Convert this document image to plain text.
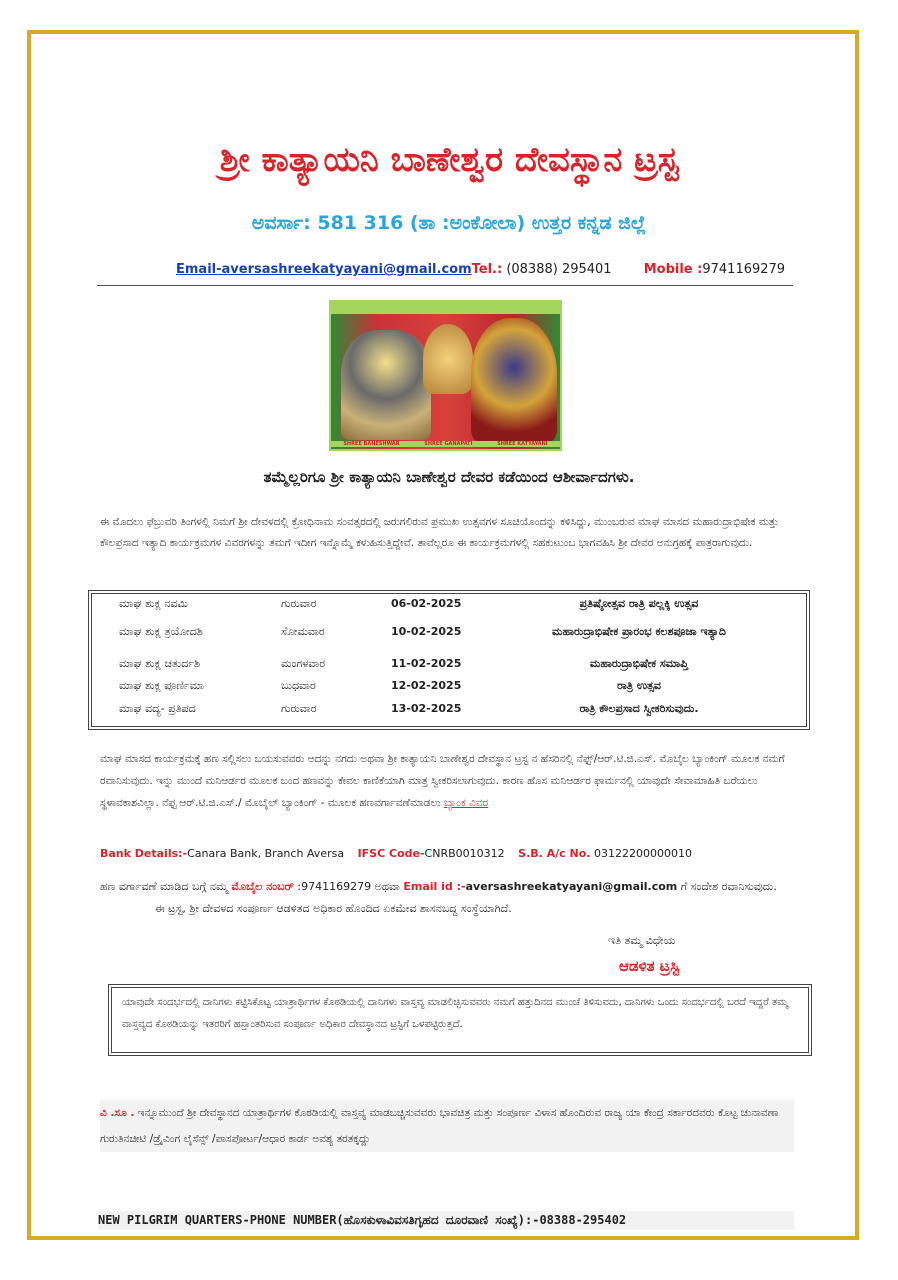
ಶ್ರೀ ಕಾತ್ಯಾಯನಿ ಬಾಣೇಶ್ವರ ದೇವಸ್ಥಾನ ಟ್ರಸ್ಟ
ಅವರ್ಸಾ: 581 316 (ತಾ :ಅಂಕೋಲಾ) ಉತ್ತರ ಕನ್ನಡ ಜಿಲ್ಲೆ
Email-aversashreekatyayani@gmail.comTel.: (08388) 295401 Mobile :9741169279
SHREE BANESHWAR	SHREE GANAPATI	SHREE KATYAYANI
ತಮ್ಮೆಲ್ಲರಿಗೂ ಶ್ರೀ ಕಾತ್ಯಾಯನಿ ಬಾಣೇಶ್ವರ ದೇವರ ಕಡೆಯಿಂದ ಆಶೀರ್ವಾದಗಳು.
ಈ ಮೊದಲು ಫೆಬ್ರುವರಿ ತಿಂಗಳಲ್ಲಿ ನಿಮಗೆ ಶ್ರೀ ದೇವಳದಲ್ಲಿ ಕ್ರೋಧಿನಾಮ ಸಂವತ್ಸರದಲ್ಲಿ ಜರುಗಲಿರುವ ಪ್ರಮುಖ ಉತ್ಸವಗಳ ಸೂಚಿಯೊಂದನ್ನು ಕಳಿಸಿದ್ದು, ಮುಂಬರುವ ಮಾಘ ಮಾಸದ ಮಹಾರುದ್ರಾಭಿಷೇಕ ಮತ್ತು ಕೌಲಪ್ರಸಾದ ಇತ್ಯಾದಿ ಕಾರ್ಯಕ್ರಮಗಳ ವಿವರಗಳನ್ನು ತಮಗೆ ಇದೀಗ ಇನ್ನೊಮ್ಮೆ ಕಳುಹಿಸುತ್ತಿದ್ದೇವೆ. ತಾವೆಲ್ಲರೂ ಈ ಕಾರ್ಯಕ್ರಮಗಳಲ್ಲಿ ಸಹಕುಟುಂಬ ಭಾಗವಹಿಸಿ ಶ್ರೀ ದೇವರ ಅನುಗ್ರಹಕ್ಕೆ ಪಾತ್ರರಾಗುವುದು.
ಮಾಘ ಶುಕ್ಲ ನವಮಿ	ಗುರುವಾರ	06-02-2025	ಪ್ರತಿಷ್ಠೋತ್ಸವ ರಾತ್ರಿ ಪಲ್ಲಕ್ಕಿ ಉತ್ಸವ
ಮಾಘ ಶುಕ್ಲ ತ್ರಯೋದಶಿ	ಸೋಮವಾರ	10-02-2025	ಮಹಾರುದ್ರಾಭಿಷೇಕ ಪ್ರಾರಂಭ ಕಲಶಪೂಜಾ ಇತ್ಯಾದಿ
ಮಾಘ ಶುಕ್ಲ ಚತುರ್ದಶಿ	ಮಂಗಳವಾರ	11-02-2025	ಮಹಾರುದ್ರಾಭಿಷೇಕ ಸಮಾಪ್ತಿ
ಮಾಘ ಶುಕ್ಲ ಪೂರ್ಣಿಮಾ	ಬುಧವಾರ	12-02-2025	ರಾತ್ರಿ ಉತ್ಸವ
ಮಾಘ ವದ್ಯ- ಪ್ರತಿಪದ	ಗುರುವಾರ	13-02-2025	ರಾತ್ರಿ ಕೌಲಪ್ರಸಾದ ಸ್ವೀಕರಿಸುವುದು.
ಮಾಘ ಮಾಸದ ಕಾರ್ಯಕ್ರಮಕ್ಕೆ ಹಣ ಸಲ್ಲಿಸಲು ಬಯಸುವವರು ಅದನ್ನು ನಗದು ಅಥವಾ ಶ್ರೀ ಕಾತ್ಯಾಯನಿ ಬಾಣೇಶ್ವರ ದೇವಸ್ಥಾನ ಟ್ರಸ್ಟ ನ ಹೆಸರಿನಲ್ಲಿ ನೆಫ್ಟ್/ಆರ್.ಟಿ.ಜಿ.ಎಸ್. ಮೊಬೈಲ ಬ್ಯಾಂಕಿಂಗ್ ಮೂಲಕ ನಮಗೆ ರವಾನಿಸುವುದು. ಇನ್ನು ಮುಂದೆ ಮನಿಆರ್ಡರ ಮೂಲಕ ಬಂದ ಹಣವನ್ನು ಕೇವಲ ಕಾಣಿಕೆಯಾಗಿ ಮಾತ್ರ ಸ್ವೀಕರಿಸಲಾಗುವುದು. ಕಾರಣ ಹೊಸ ಮನಿಆರ್ಡರ ಫಾರ್ಮನಲ್ಲಿ ಯಾವುದೇ ಸೇವಾಮಾಹಿತಿ ಬರೆಯಲು ಸ್ಥಳಾವಕಾಶವಿಲ್ಲಾ. ನೆಫ್ಟ ಆರ್.ಟಿ.ಜಿ.ಎಸ್./ ಮೊಬೈಲ್ ಬ್ಯಾಂಕಿಂಗ್ - ಮೂಲಕ ಹಣವರ್ಗಾವಣೆಮಾಡಲು ಬ್ಯಾಂಕ ವಿವರ
Bank Details:-Canara Bank, Branch Aversa IFSC Code-CNRB0010312 S.B. A/c No. 03122200000010
ಹಣ ವರ್ಗಾವಣೆ ಮಾಡಿದ ಬಗ್ಗೆ ನಮ್ಮ ಮೊಬೈಲ ನಂಬರ್ :9741169279 ಅಥವಾ Email id :-aversashreekatyayani@gmail.com ಗೆ ಸಂದೇಶ ರವಾನಿಸುವುದು.
ಈ ಟ್ರಸ್ಟ, ಶ್ರೀ ದೇವಳದ ಸಂಪೂರ್ಣ ಆಡಳಿತದ ಅಧಿಕಾರ ಹೊಂದಿದ ಏಕಮೇವ ಶಾಸನಬದ್ದ ಸಂಸ್ಥೆಯಾಗಿದೆ.
ಇತಿ ತಮ್ಮ ವಿಧೇಯ
ಆಡಳಿತ ಟ್ರಸ್ಟಿ
ಯಾವುದೇ ಸಂದರ್ಭದಲ್ಲಿ ದಾನಿಗಳು ಕಟ್ಟಿಸಿಕೊಟ್ಟ ಯಾತ್ರಾರ್ಥಿಗಳ ಕೊಠಡಿಯಲ್ಲಿ ದಾನಿಗಳು ವಾಸ್ತವ್ಯ ಮಾಡಲಿಚ್ಛಿಸುವವರು ನಮಗೆ ಹತ್ತುದಿನದ ಮುಂಚೆ ತಿಳಿಸುವದು, ದಾನಿಗಳು ಒಂದು ಸಂದರ್ಭದಲ್ಲಿ ಬರದೆ ಇದ್ದರೆ ತಮ್ಮ ವಾಸ್ತವ್ಯದ ಕೊಠಡಿಯನ್ನು ಇತರರಿಗೆ ಹಸ್ತಾಂತರಿಸುವ ಸಂಪೂರ್ಣ ಅಧಿಕಾರ ದೇವಸ್ಥಾನದ ಟ್ರಸ್ಟಿಗೆ ಒಳಪಟ್ಟಿರುತ್ತದೆ.
ವಿ .ಸೂ . ಇನ್ನೂಮುಂದೆ ಶ್ರೀ ದೇವಸ್ಥಾನದ ಯಾತ್ರಾರ್ಥಿಗಳ ಕೊಠಡಿಯಲ್ಲಿ ವಾಸ್ತವ್ಯ ಮಾಡಬಚ್ಚಿಸುವವರು ಭಾವಚಿತ್ರ ಮತ್ತು ಸಂಪೂರ್ಣ ವಿಳಾಸ ಹೊಂದಿರುವ ರಾಜ್ಯ ಯಾ ಕೇಂದ್ರ ಸರ್ಕಾರದವರು ಕೊಟ್ಟ ಚುನಾವಣಾ ಗುರುತಿನಚೀಟಿ /ಡ್ರೈವಿಂಗ ಲೈಸೆನ್ಸ್ /ಪಾಸಪೋರ್ಟ/ಆಧಾರ ಕಾರ್ಡ ಅವಶ್ಯ ತರತಕ್ಕದ್ದು
NEW PILGRIM QUARTERS-PHONE NUMBER(ಹೊಸಕುಳಾವಿವಸತಿಗೃಹದ ದೂರವಾಣಿ ಸಂಖ್ಯೆ):-08388-295402
